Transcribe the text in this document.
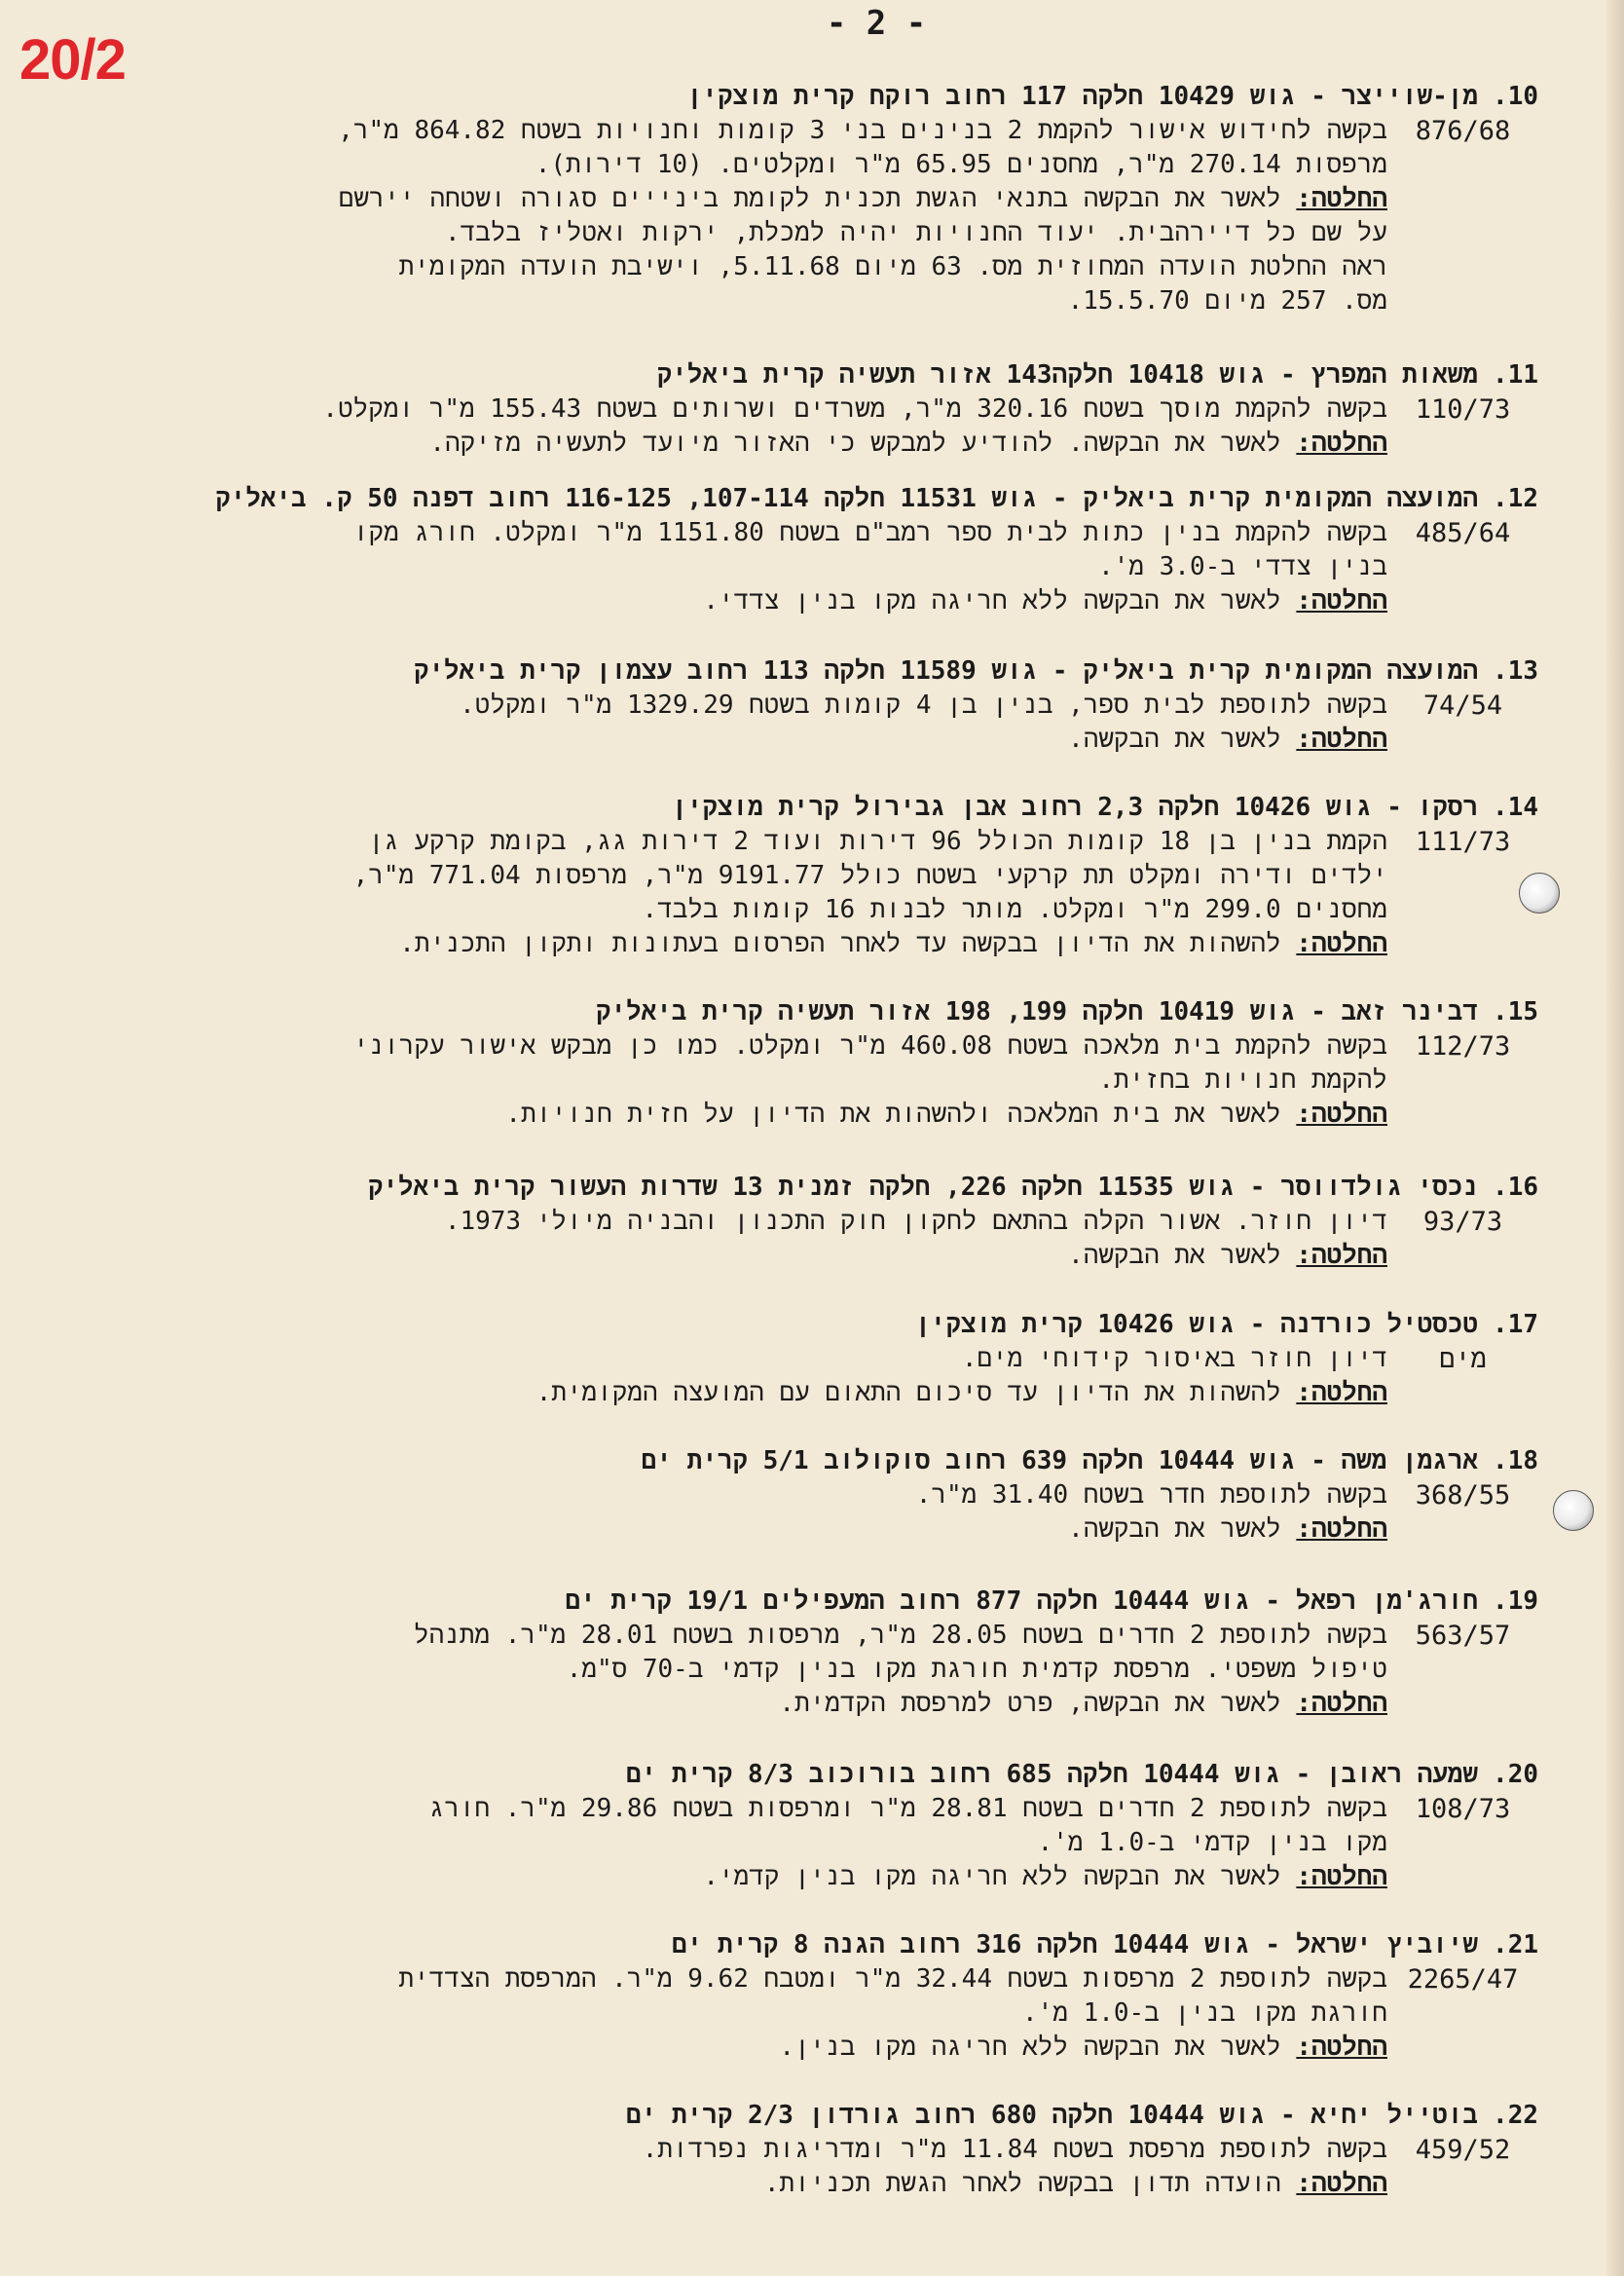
20/2
- 2 -
10.
מן-שוייצר - גוש 10429 חלקה 117 רחוב רוקח קרית מוצקין
876/68
בקשה לחידוש אישור להקמת 2 בנינים בני 3 קומות וחנויות בשטח 864.82 מ"ר,
מרפסות 270.14 מ"ר, מחסנים 65.95 מ"ר ומקלטים. (10 דירות).
החלטה: לאשר את הבקשה בתנאי הגשת תכנית לקומת בינייים סגורה ושטחה יירשם
על שם כל דיירהבית. יעוד החנויות יהיה למכלת, ירקות ואטליז בלבד.
ראה החלטת הועדה המחוזית מס. 63 מיום 5.11.68, וישיבת הועדה המקומית
מס. 257 מיום 15.5.70.
11.
משאות המפרץ - גוש 10418 חלקה143 אזור תעשיה קרית ביאליק
110/73
בקשה להקמת מוסך בשטח 320.16 מ"ר, משרדים ושרותים בשטח 155.43 מ"ר ומקלט.
החלטה: לאשר את הבקשה. להודיע למבקש כי האזור מיועד לתעשיה מזיקה.
12.
המועצה המקומית קרית ביאליק - גוש 11531 חלקה 107-114, 116-125 רחוב דפנה 50 ק. ביאליק
485/64
בקשה להקמת בנין כתות לבית ספר רמב"ם בשטח 1151.80 מ"ר ומקלט. חורג מקו
בנין צדדי ב-3.0 מ'.
החלטה: לאשר את הבקשה ללא חריגה מקו בנין צדדי.
13.
המועצה המקומית קרית ביאליק - גוש 11589 חלקה 113 רחוב עצמון קרית ביאליק
74/54
בקשה לתוספת לבית ספר, בנין בן 4 קומות בשטח 1329.29 מ"ר ומקלט.
החלטה: לאשר את הבקשה.
14.
רסקו - גוש 10426 חלקה 2,3 רחוב אבן גבירול קרית מוצקין
111/73
הקמת בנין בן 18 קומות הכולל 96 דירות ועוד 2 דירות גג, בקומת קרקע גן
ילדים ודירה ומקלט תת קרקעי בשטח כולל 9191.77 מ"ר, מרפסות 771.04 מ"ר,
מחסנים 299.0 מ"ר ומקלט. מותר לבנות 16 קומות בלבד.
החלטה: להשהות את הדיון בבקשה עד לאחר הפרסום בעתונות ותקון התכנית.
15.
דבינר זאב - גוש 10419 חלקה 199, 198 אזור תעשיה קרית ביאליק
112/73
בקשה להקמת בית מלאכה בשטח 460.08 מ"ר ומקלט. כמו כן מבקש אישור עקרוני
להקמת חנויות בחזית.
החלטה: לאשר את בית המלאכה ולהשהות את הדיון על חזית חנויות.
16.
נכסי גולדווסר - גוש 11535 חלקה 226, חלקה זמנית 13 שדרות העשור קרית ביאליק
93/73
דיון חוזר. אשור הקלה בהתאם לחקון חוק התכנון והבניה מיולי 1973.
החלטה: לאשר את הבקשה.
17.
טכסטיל כורדנה - גוש 10426 קרית מוצקין
מים
דיון חוזר באיסור קידוחי מים.
החלטה: להשהות את הדיון עד סיכום התאום עם המועצה המקומית.
18.
ארגמן משה - גוש 10444 חלקה 639 רחוב סוקולוב 5/1 קרית ים
368/55
בקשה לתוספת חדר בשטח 31.40 מ"ר.
החלטה: לאשר את הבקשה.
19.
חורג'מן רפאל - גוש 10444 חלקה 877 רחוב המעפילים 19/1 קרית ים
563/57
בקשה לתוספת 2 חדרים בשטח 28.05 מ"ר, מרפסות בשטח 28.01 מ"ר. מתנהל
טיפול משפטי. מרפסת קדמית חורגת מקו בנין קדמי ב-70 ס"מ.
החלטה: לאשר את הבקשה, פרט למרפסת הקדמית.
20.
שמעה ראובן - גוש 10444 חלקה 685 רחוב בורוכוב 8/3 קרית ים
108/73
בקשה לתוספת 2 חדרים בשטח 28.81 מ"ר ומרפסות בשטח 29.86 מ"ר. חורג
מקו בנין קדמי ב-1.0 מ'.
החלטה: לאשר את הבקשה ללא חריגה מקו בנין קדמי.
21.
שיוביץ ישראל - גוש 10444 חלקה 316 רחוב הגנה 8 קרית ים
2265/47
בקשה לתוספת 2 מרפסות בשטח 32.44 מ"ר ומטבח 9.62 מ"ר. המרפסת הצדדית
חורגת מקו בנין ב-1.0 מ'.
החלטה: לאשר את הבקשה ללא חריגה מקו בנין.
22.
בוטייל יחיא - גוש 10444 חלקה 680 רחוב גורדון 2/3 קרית ים
459/52
בקשה לתוספת מרפסת בשטח 11.84 מ"ר ומדריגות נפרדות.
החלטה: הועדה תדון בבקשה לאחר הגשת תכניות.
